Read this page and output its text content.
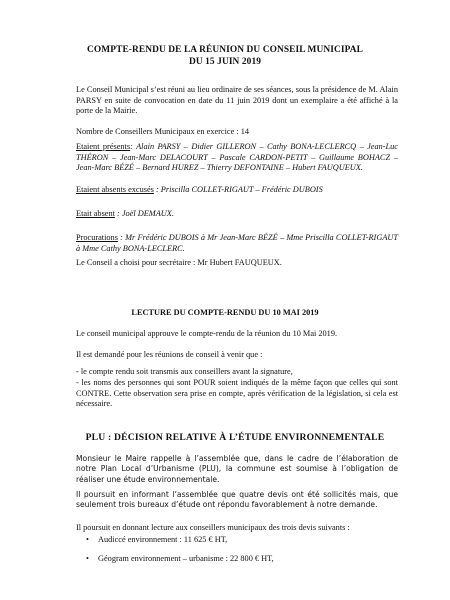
COMPTE-RENDU DE LA RÉUNION DU CONSEIL MUNICIPAL
DU 15 JUIN 2019

Le Conseil Municipal s’est réuni au lieu ordinaire de ses séances, sous la présidence de M. Alain PARSY en suite de convocation en date du 11 juin 2019 dont un exemplaire a été affiché à la porte de la Mairie.

Nombre de Conseillers Municipaux en exercice : 14

Etaient présents: Alain PARSY – Didier GILLERON – Cathy BONA-LECLERCQ – Jean-Luc THÉRON – Jean-Marc DELACOURT – Pascale CARDON-PETIT – Guillaume BOHACZ – Jean-Marc BÉZÉ – Bernard HUREZ – Thierry DEFONTAINE – Hubert FAUQUEUX.

Etaient absents excusés : Priscilla COLLET-RIGAUT – Frédéric DUBOIS

Etait absent : Joël DEMAUX.

Procurations : Mr Frédéric DUBOIS à Mr Jean-Marc BÉZÉ – Mme Priscilla COLLET-RIGAUT à Mme Cathy BONA-LECLERC.

Le Conseil a choisi pour secrétaire : Mr Hubert FAUQUEUX.

LECTURE DU COMPTE-RENDU DU 10 MAI 2019

Le conseil municipal approuve le compte-rendu de la réunion du 10 Mai 2019.

Il est demandé pour les réunions de conseil à venir que :

- le compte rendu soit transmis aux conseillers avant la signature,

- les noms des personnes qui sont POUR soient indiqués de la même façon que celles qui sont CONTRE. Cette observation sera prise en compte, après vérification de la législation, si cela est nécessaire.

PLU : DÉCISION RELATIVE À L’ÉTUDE ENVIRONNEMENTALE

Monsieur le Maire rappelle à l’assemblée que, dans le cadre de l’élaboration de notre Plan Local d’Urbanisme (PLU), la commune est soumise à l’obligation de réaliser une étude environnementale.

Il poursuit en informant l’assemblée que quatre devis ont été sollicités mais, que seulement trois bureaux d’étude ont répondu favorablement à notre demande.

Il poursuit en donnant lecture aux conseillers municipaux des trois devis suivants :

• Audiccé environnement : 11 625 € HT,
• Géogram environnement – urbanisme : 22 800 € HT,
